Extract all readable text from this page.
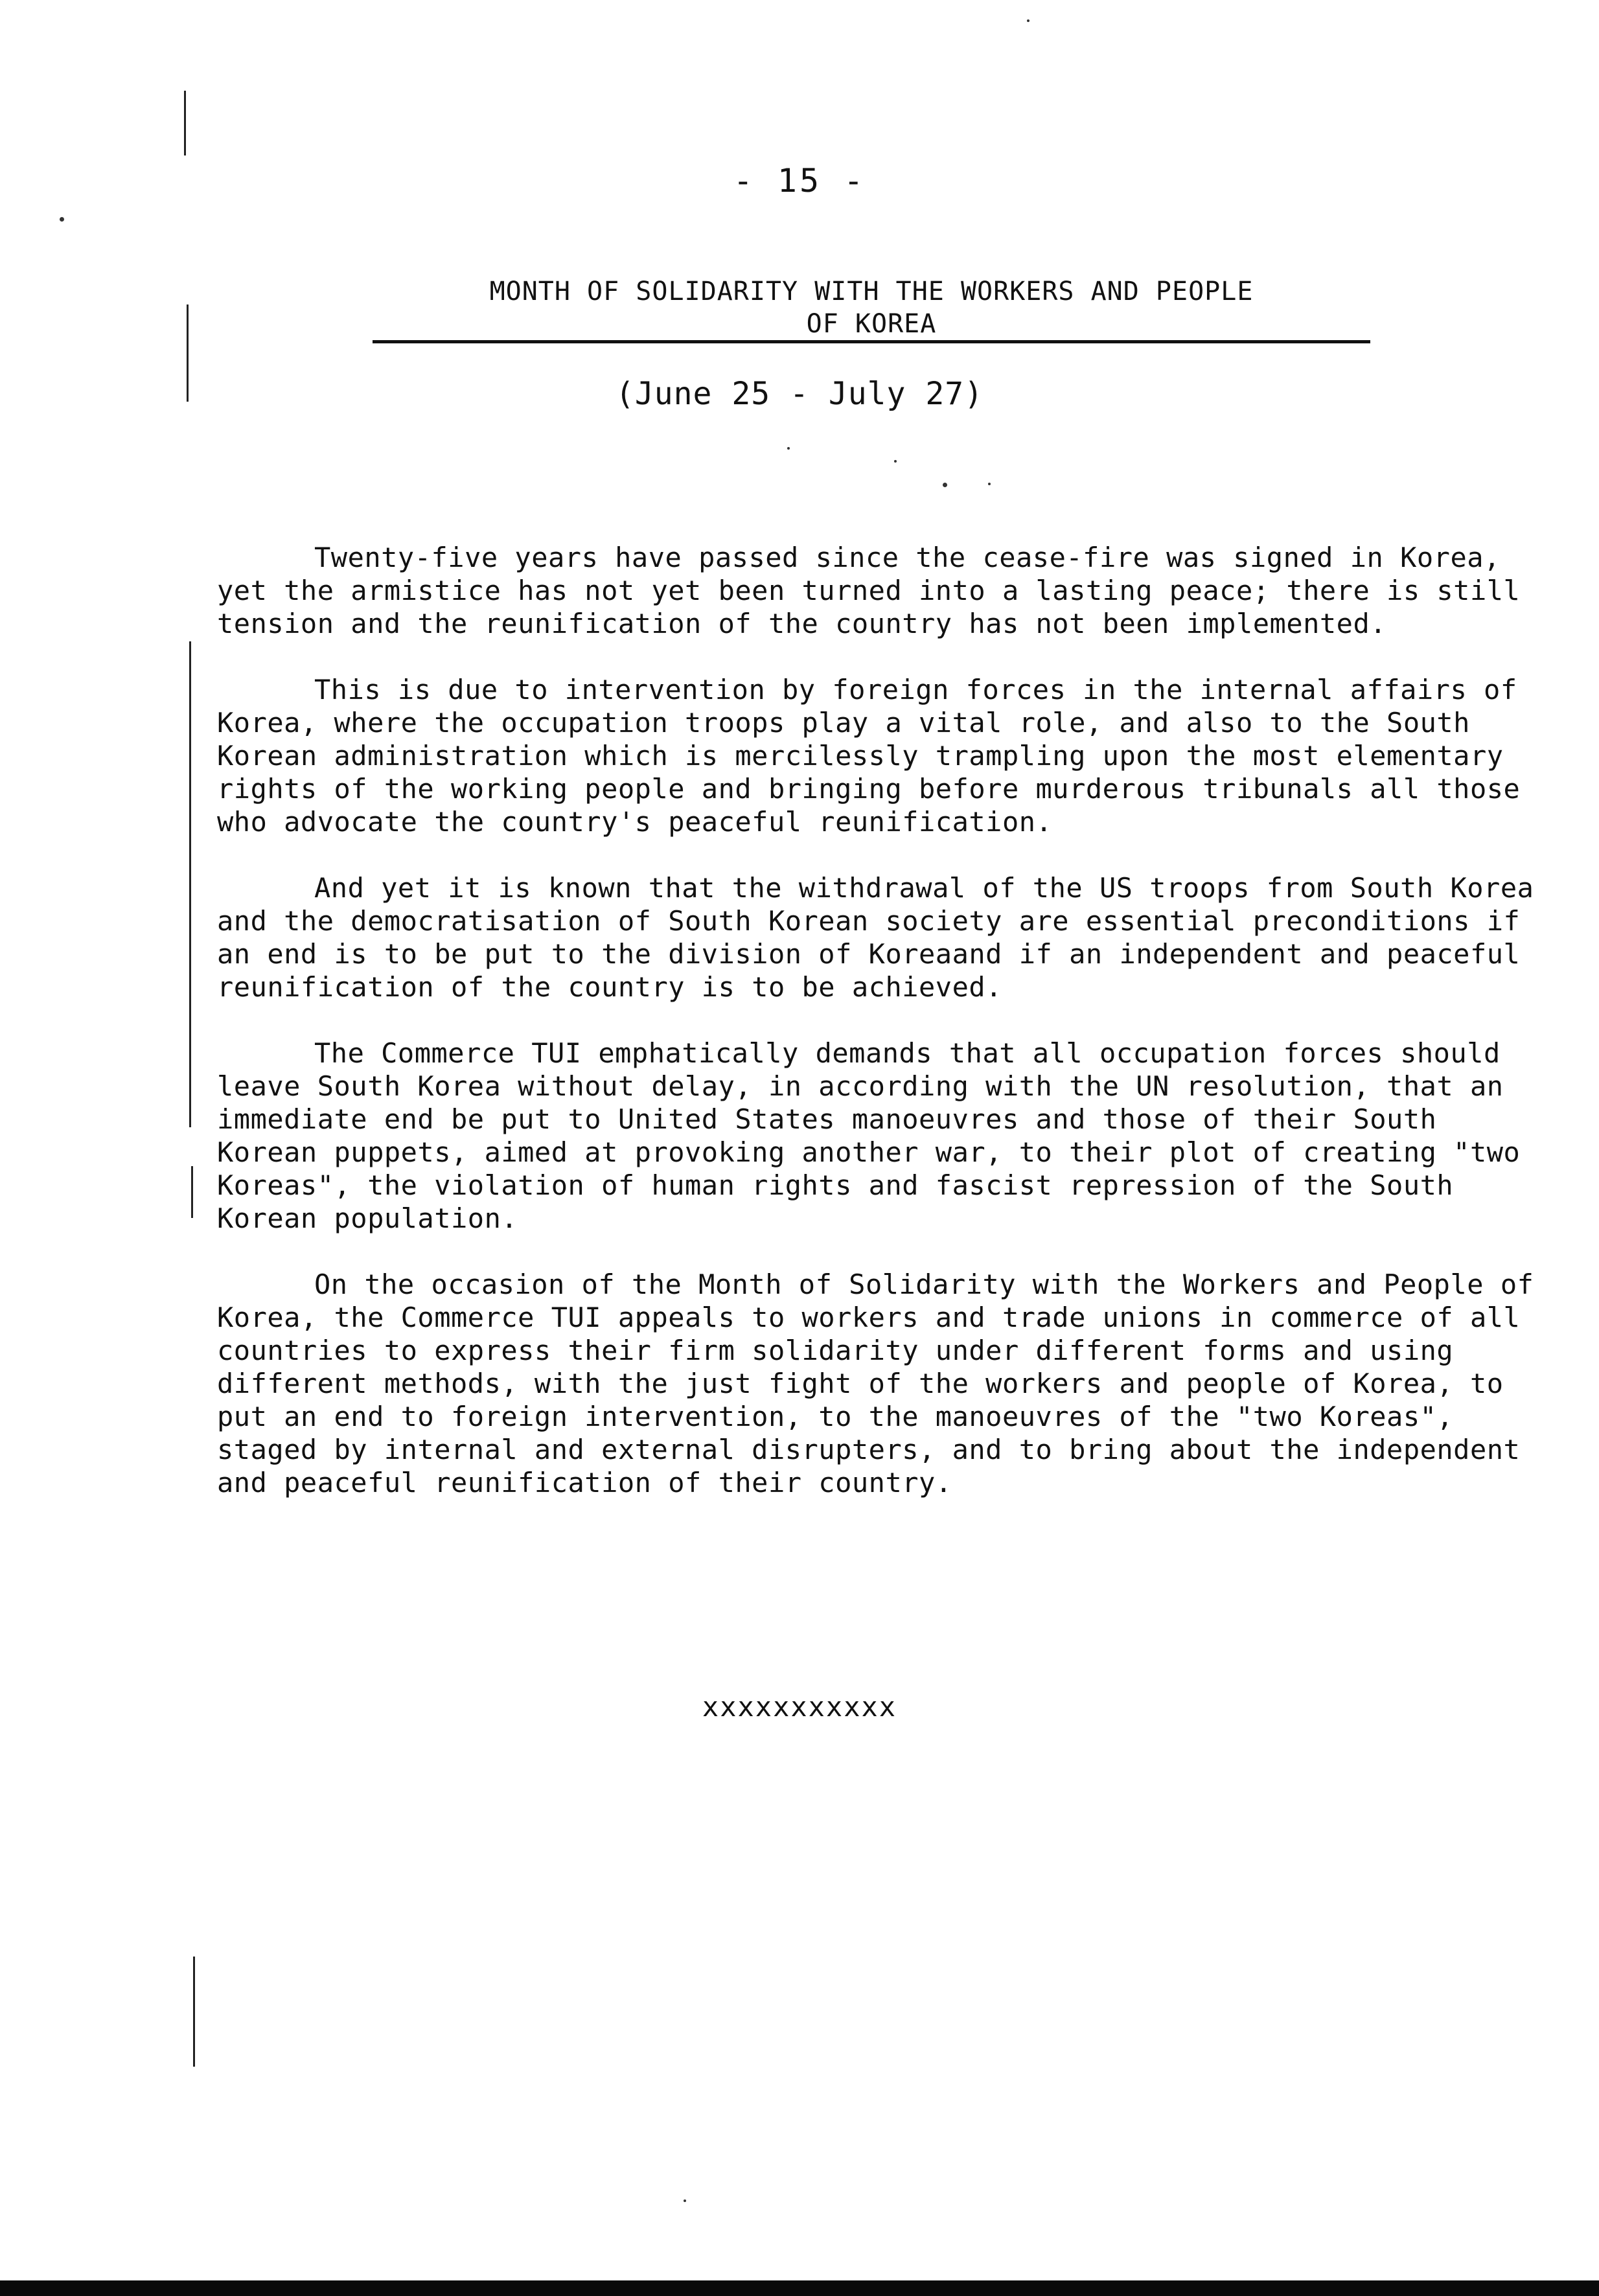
- 15 -
MONTH OF SOLIDARITY WITH THE WORKERS AND PEOPLE
OF KOREA
(June 25 - July 27)

Twenty-five years have passed since the cease-fire was signed in Korea, yet the armistice has not yet been turned into a lasting peace; there is still tension and the reunification of the country has not been implemented.

This is due to intervention by foreign forces in the internal affairs of Korea, where the occupation troops play a vital role, and also to the South Korean administration which is mercilessly trampling upon the most elementary rights of the working people and bringing before murderous tribunals all those who advocate the country's peaceful reunification.

And yet it is known that the withdrawal of the US troops from South Korea and the democratisation of South Korean society are essential preconditions if an end is to be put to the division of Koreaand if an independent and peaceful reunification of the country is to be achieved.

The Commerce TUI emphatically demands that all occupation forces should leave South Korea without delay, in according with the UN resolution, that an immediate end be put to United States manoeuvres and those of their South Korean puppets, aimed at provoking another war, to their plot of creating "two Koreas", the violation of human rights and fascist repression of the South Korean population.

On the occasion of the Month of Solidarity with the Workers and People of Korea, the Commerce TUI appeals to workers and trade unions in commerce of all countries to express their firm solidarity under different forms and using different methods, with the just fight of the workers and people of Korea, to put an end to foreign intervention, to the manoeuvres of the "two Koreas", staged by internal and external disrupters, and to bring about the independent and peaceful reunification of their country.

xxxxxxxxxxx
